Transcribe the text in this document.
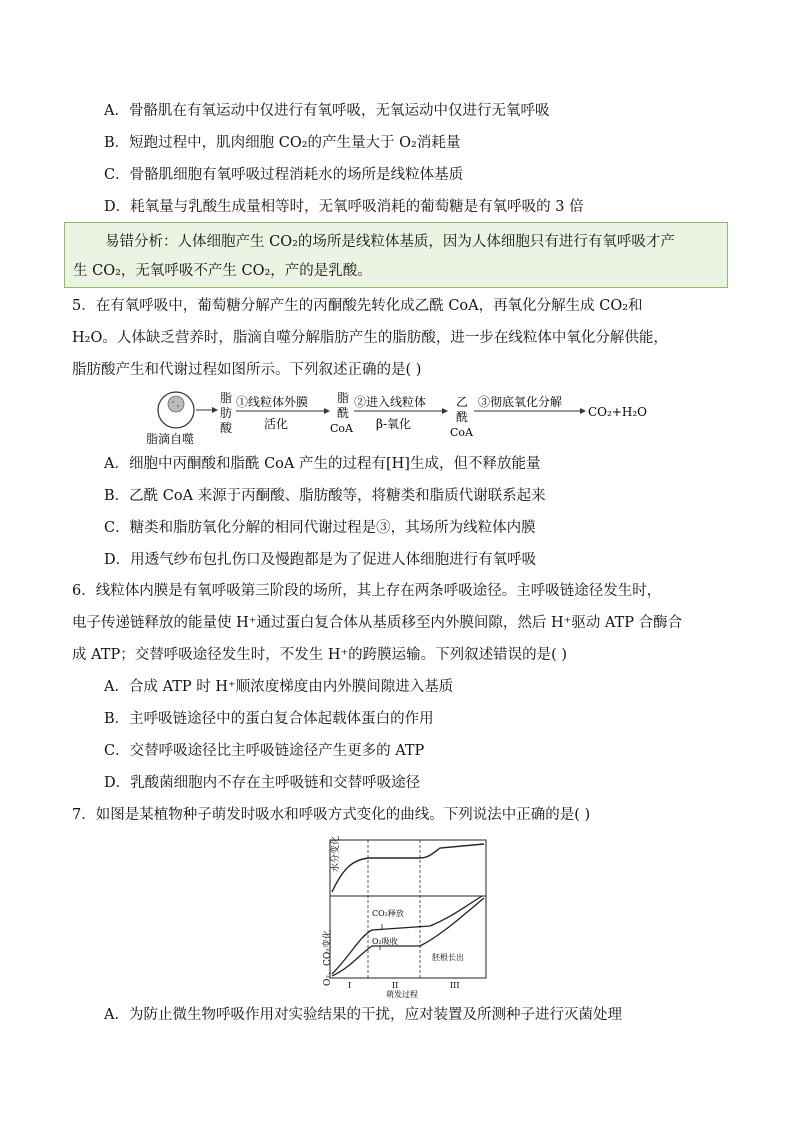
A．骨骼肌在有氧运动中仅进行有氧呼吸，无氧运动中仅进行无氧呼吸
B．短跑过程中，肌肉细胞 CO₂的产生量大于 O₂消耗量
C．骨骼肌细胞有氧呼吸过程消耗水的场所是线粒体基质
D．耗氧量与乳酸生成量相等时，无氧呼吸消耗的葡萄糖是有氧呼吸的 3 倍
易错分析：人体细胞产生 CO₂的场所是线粒体基质，因为人体细胞只有进行有氧呼吸才产
生 CO₂，无氧呼吸不产生 CO₂，产的是乳酸。
5．在有氧呼吸中，葡萄糖分解产生的丙酮酸先转化成乙酰 CoA，再氧化分解生成 CO₂和
H₂O。人体缺乏营养时，脂滴自噬分解脂肪产生的脂肪酸，进一步在线粒体中氧化分解供能，
脂肪酸产生和代谢过程如图所示。下列叙述正确的是( )
脂滴自噬
脂
肪
酸
①线粒体外膜
活化
脂
酰
CoA
②进入线粒体
β-氧化
乙
酰
CoA
③彻底氧化分解
CO₂+H₂O
A．细胞中丙酮酸和脂酰 CoA 产生的过程有[H]生成，但不释放能量
B．乙酰 CoA 来源于丙酮酸、脂肪酸等，将糖类和脂质代谢联系起来
C．糖类和脂肪氧化分解的相同代谢过程是③，其场所为线粒体内膜
D．用透气纱布包扎伤口及慢跑都是为了促进人体细胞进行有氧呼吸
6．线粒体内膜是有氧呼吸第三阶段的场所，其上存在两条呼吸途径。主呼吸链途径发生时，
电子传递链释放的能量使 H⁺通过蛋白复合体从基质移至内外膜间隙，然后 H⁺驱动 ATP 合酶合
成 ATP；交替呼吸途径发生时，不发生 H⁺的跨膜运输。下列叙述错误的是( )
A．合成 ATP 时 H⁺顺浓度梯度由内外膜间隙进入基质
B．主呼吸链途径中的蛋白复合体起载体蛋白的作用
C．交替呼吸途径比主呼吸链途径产生更多的 ATP
D．乳酸菌细胞内不存在主呼吸链和交替呼吸途径
7．如图是某植物种子萌发时吸水和呼吸方式变化的曲线。下列说法中正确的是( )
水分变化
O₂、CO₂变化
CO₂释放
O₂吸收
胚根长出
I	II	III
萌发过程
A．为防止微生物呼吸作用对实验结果的干扰，应对装置及所测种子进行灭菌处理
